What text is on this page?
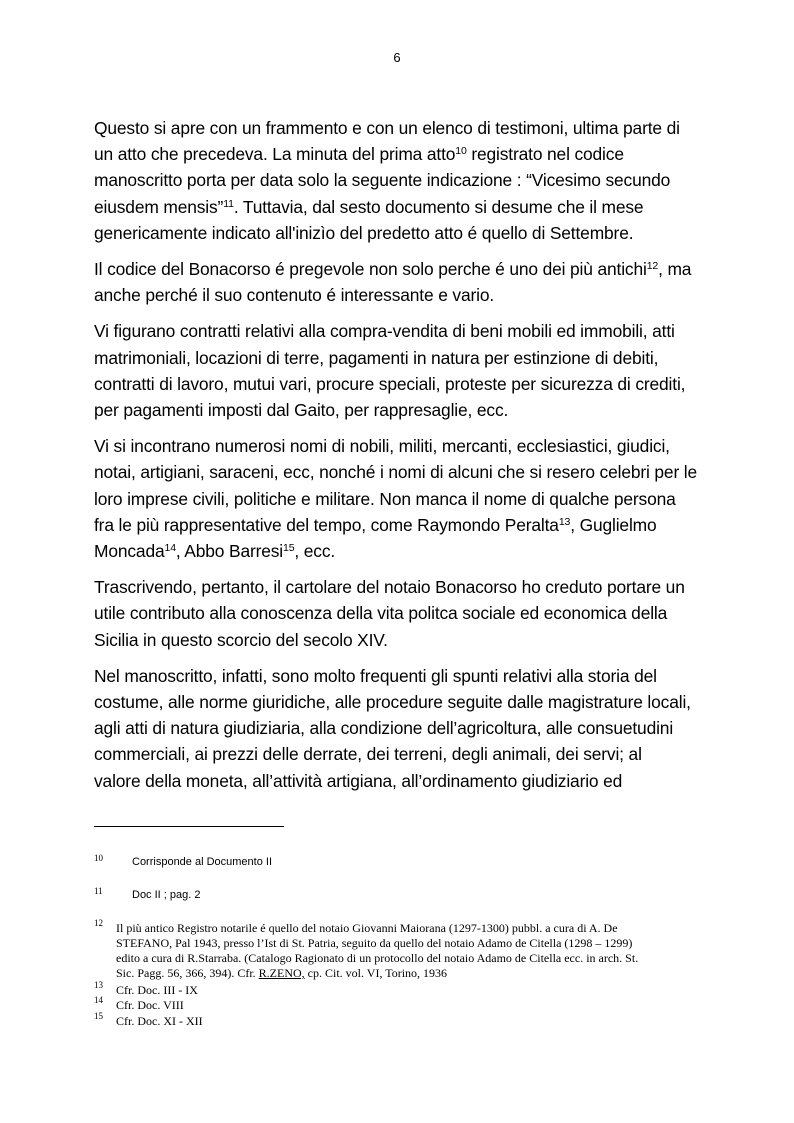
6

Questo si apre con un frammento e con un elenco di testimoni, ultima parte di
un atto che precedeva. La minuta del prima atto$^{10}$ registrato nel codice
manoscritto porta per data solo la seguente indicazione : “Vicesimo secundo
eiusdem mensis”$^{11}$. Tuttavia, dal sesto documento si desume che il mese
genericamente indicato all'inizìo del predetto atto é quello di Settembre.

Il codice del Bonacorso é pregevole non solo perche é uno dei più antichi$^{12}$, ma
anche perché il suo contenuto é interessante e vario.

Vi figurano contratti relativi alla compra-vendita di beni mobili ed immobili, atti
matrimoniali, locazioni di terre, pagamenti in natura per estinzione di debiti,
contratti di lavoro, mutui vari, procure speciali, proteste per sicurezza di crediti,
per pagamenti imposti dal Gaito, per rappresaglie, ecc.

Vi si incontrano numerosi nomi di nobili, militi, mercanti, ecclesiastici, giudici,
notai, artigiani, saraceni, ecc, nonché i nomi di alcuni che si resero celebri per le
loro imprese civili, politiche e militare. Non manca il nome di qualche persona
fra le più rappresentative del tempo, come Raymondo Peralta$^{13}$, Guglielmo
Moncada$^{14}$, Abbo Barresi$^{15}$, ecc.

Trascrivendo, pertanto, il cartolare del notaio Bonacorso ho creduto portare un
utile contributo alla conoscenza della vita politca sociale ed economica della
Sicilia in questo scorcio del secolo XIV.

Nel manoscritto, infatti, sono molto frequenti gli spunti relativi alla storia del
costume, alle norme giuridiche, alle procedure seguite dalle magistrature locali,
agli atti di natura giudiziaria, alla condizione dell’agricoltura, alle consuetudini
commerciali, ai prezzi delle derrate, dei terreni, degli animali, dei servi; al
valore della moneta, all’attività artigiana, all’ordinamento giudiziario ed

10	Corrisponde al Documento II
11	Doc II ; pag. 2
12 Il più antico Registro notarile é quello del notaio Giovanni Maiorana (1297-1300) pubbl. a cura di A. De
STEFANO, Pal 1943, presso l’Ist di St. Patria, seguito da quello del notaio Adamo de Citella (1298 – 1299)
edito a cura di R.Starraba. (Catalogo Ragionato di un protocollo del notaio Adamo de Citella ecc. in arch. St.
Sic. Pagg. 56, 366, 394). Cfr. R.ZENO, cp. Cit. vol. VI, Torino, 1936
13 Cfr. Doc. III - IX
14 Cfr. Doc. VIII
15 Cfr. Doc. XI - XII
